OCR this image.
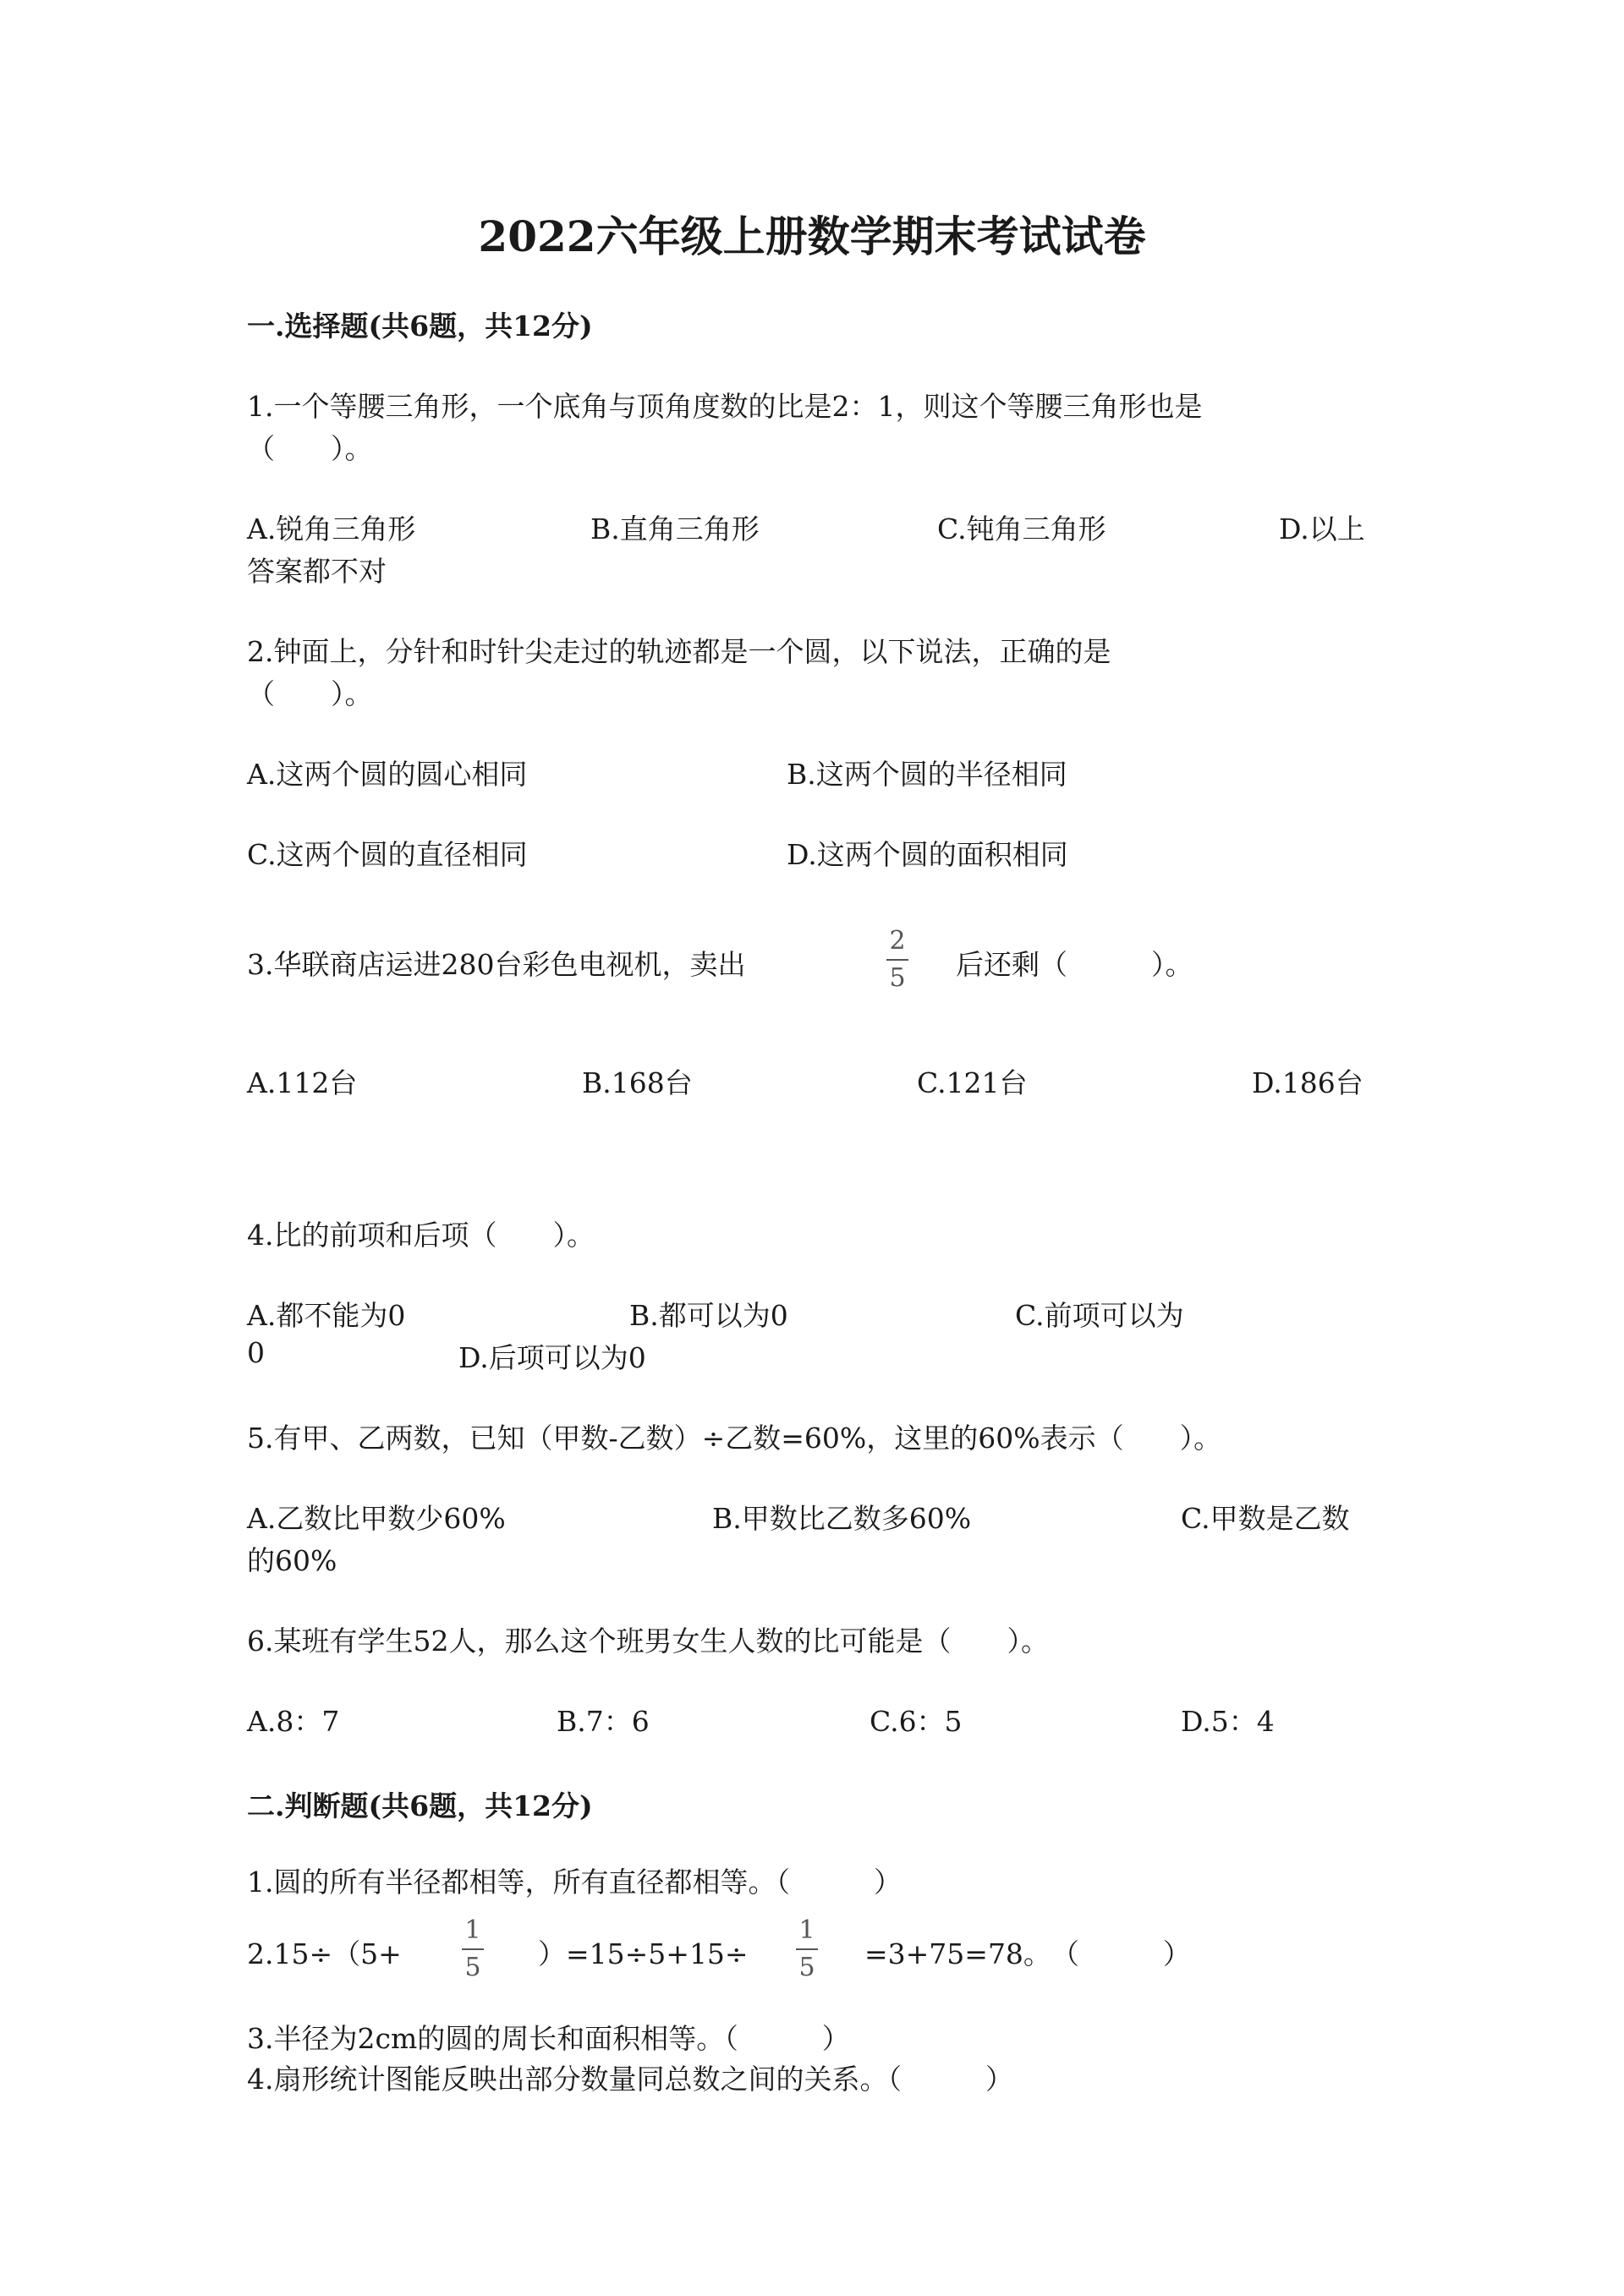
2022六年级上册数学期末考试试卷
一.选择题(共6题，共12分)
1.一个等腰三角形，一个底角与顶角度数的比是2：1，则这个等腰三角形也是
（　　）。
A.锐角三角形	B.直角三角形	C.钝角三角形	D.以上
答案都不对
2.钟面上，分针和时针尖走过的轨迹都是一个圆，以下说法，正确的是
（　　）。
A.这两个圆的圆心相同	B.这两个圆的半径相同
C.这两个圆的直径相同	D.这两个圆的面积相同
3.华联商店运进280台彩色电视机，卖出
2
5 后还剩（　　　）。
A.112台	B.168台	C.121台	D.186台
4.比的前项和后项（　　）。
A.都不能为0	B.都可以为0	C.前项可以为
0	D.后项可以为0
5.有甲、乙两数，已知（甲数-乙数）÷乙数=60%，这里的60%表示（　　）。
A.乙数比甲数少60%	B.甲数比乙数多60%	C.甲数是乙数
的60%
6.某班有学生52人，那么这个班男女生人数的比可能是（　　）。
A.8：7	B.7：6	C.6：5	D.5：4
二.判断题(共6题，共12分)
1.圆的所有半径都相等，所有直径都相等。（　　　）
2.15÷（5+
1
5 ）=15÷5+15÷
1
5 =3+75=78。　（　　　）
3.半径为2cm的圆的周长和面积相等。（　　　）
4.扇形统计图能反映出部分数量同总数之间的关系。（　　　）
